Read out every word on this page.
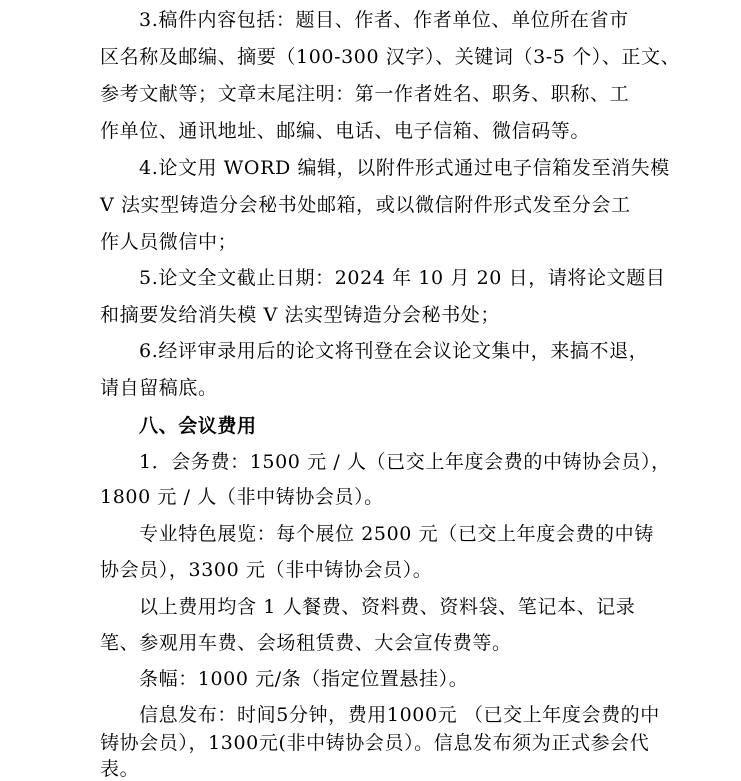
3.稿件内容包括：题目、作者、作者单位、单位所在省市
区名称及邮编、摘要（100-300 汉字）、关键词（3-5 个）、正文、
参考文献等；文章末尾注明：第一作者姓名、职务、职称、工
作单位、通讯地址、邮编、电话、电子信箱、微信码等。
4.论文用 WORD 编辑，以附件形式通过电子信箱发至消失模
V 法实型铸造分会秘书处邮箱，或以微信附件形式发至分会工
作人员微信中；
5.论文全文截止日期：2024 年 10 月 20 日，请将论文题目
和摘要发给消失模 V 法实型铸造分会秘书处；
6.经评审录用后的论文将刊登在会议论文集中，来搞不退，
请自留稿底。
八、会议费用
1．会务费：1500 元 / 人（已交上年度会费的中铸协会员），
1800 元 / 人（非中铸协会员）。
专业特色展览：每个展位 2500 元（已交上年度会费的中铸
协会员），3300 元（非中铸协会员）。
以上费用均含 1 人餐费、资料费、资料袋、笔记本、记录
笔、参观用车费、会场租赁费、大会宣传费等。
条幅：1000 元/条（指定位置悬挂）。
信息发布：时间5分钟，费用1000元 （已交上年度会费的中
铸协会员），1300元(非中铸协会员）。信息发布须为正式参会代
表。
